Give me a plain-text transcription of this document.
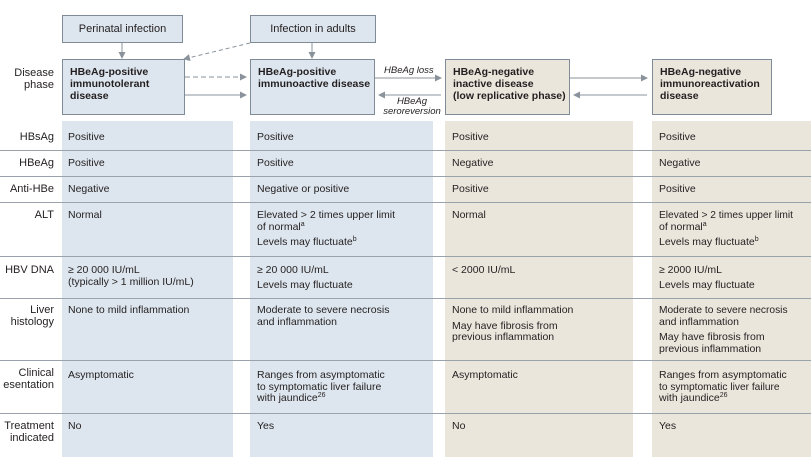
Perinatal infection	Infection in adults
HBeAg-positive
immunotolerant disease
HBeAg-positive
immunoactive disease
HBeAg-negative
inactive disease
(low replicative phase)
HBeAg-negative
immunoreactivation
disease
HBeAg loss
HBeAg
seroreversion
Disease
phase
HBsAg
HBeAg
Anti-HBe
ALT
HBV DNA
Liver
histology
Clinical
esentation
Treatment
indicated
Positive
Positive
Negative
Normal
≥ 20 000 IU/mL
(typically > 1 million IU/mL)
None to mild inflammation
Asymptomatic
No
Positive
Positive
Negative or positive
Elevated > 2 times upper limit
of normal$^a$
Levels may fluctuate$^b$
≥ 20 000 IU/mL
Levels may fluctuate
Moderate to severe necrosis
and inflammation
Ranges from asymptomatic
to symptomatic liver failure
with jaundice$^{26}$
Yes
Positive
Negative
Positive
Normal
< 2000 IU/mL
None to mild inflammation
May have fibrosis from
previous inflammation
Asymptomatic
No
Positive
Negative
Positive
Elevated > 2 times upper limit
of normal$^a$
Levels may fluctuate$^b$
≥ 2000 IU/mL
Levels may fluctuate
Moderate to severe necrosis
and inflammation
May have fibrosis from
previous inflammation
Ranges from asymptomatic
to symptomatic liver failure
with jaundice$^{26}$
Yes
